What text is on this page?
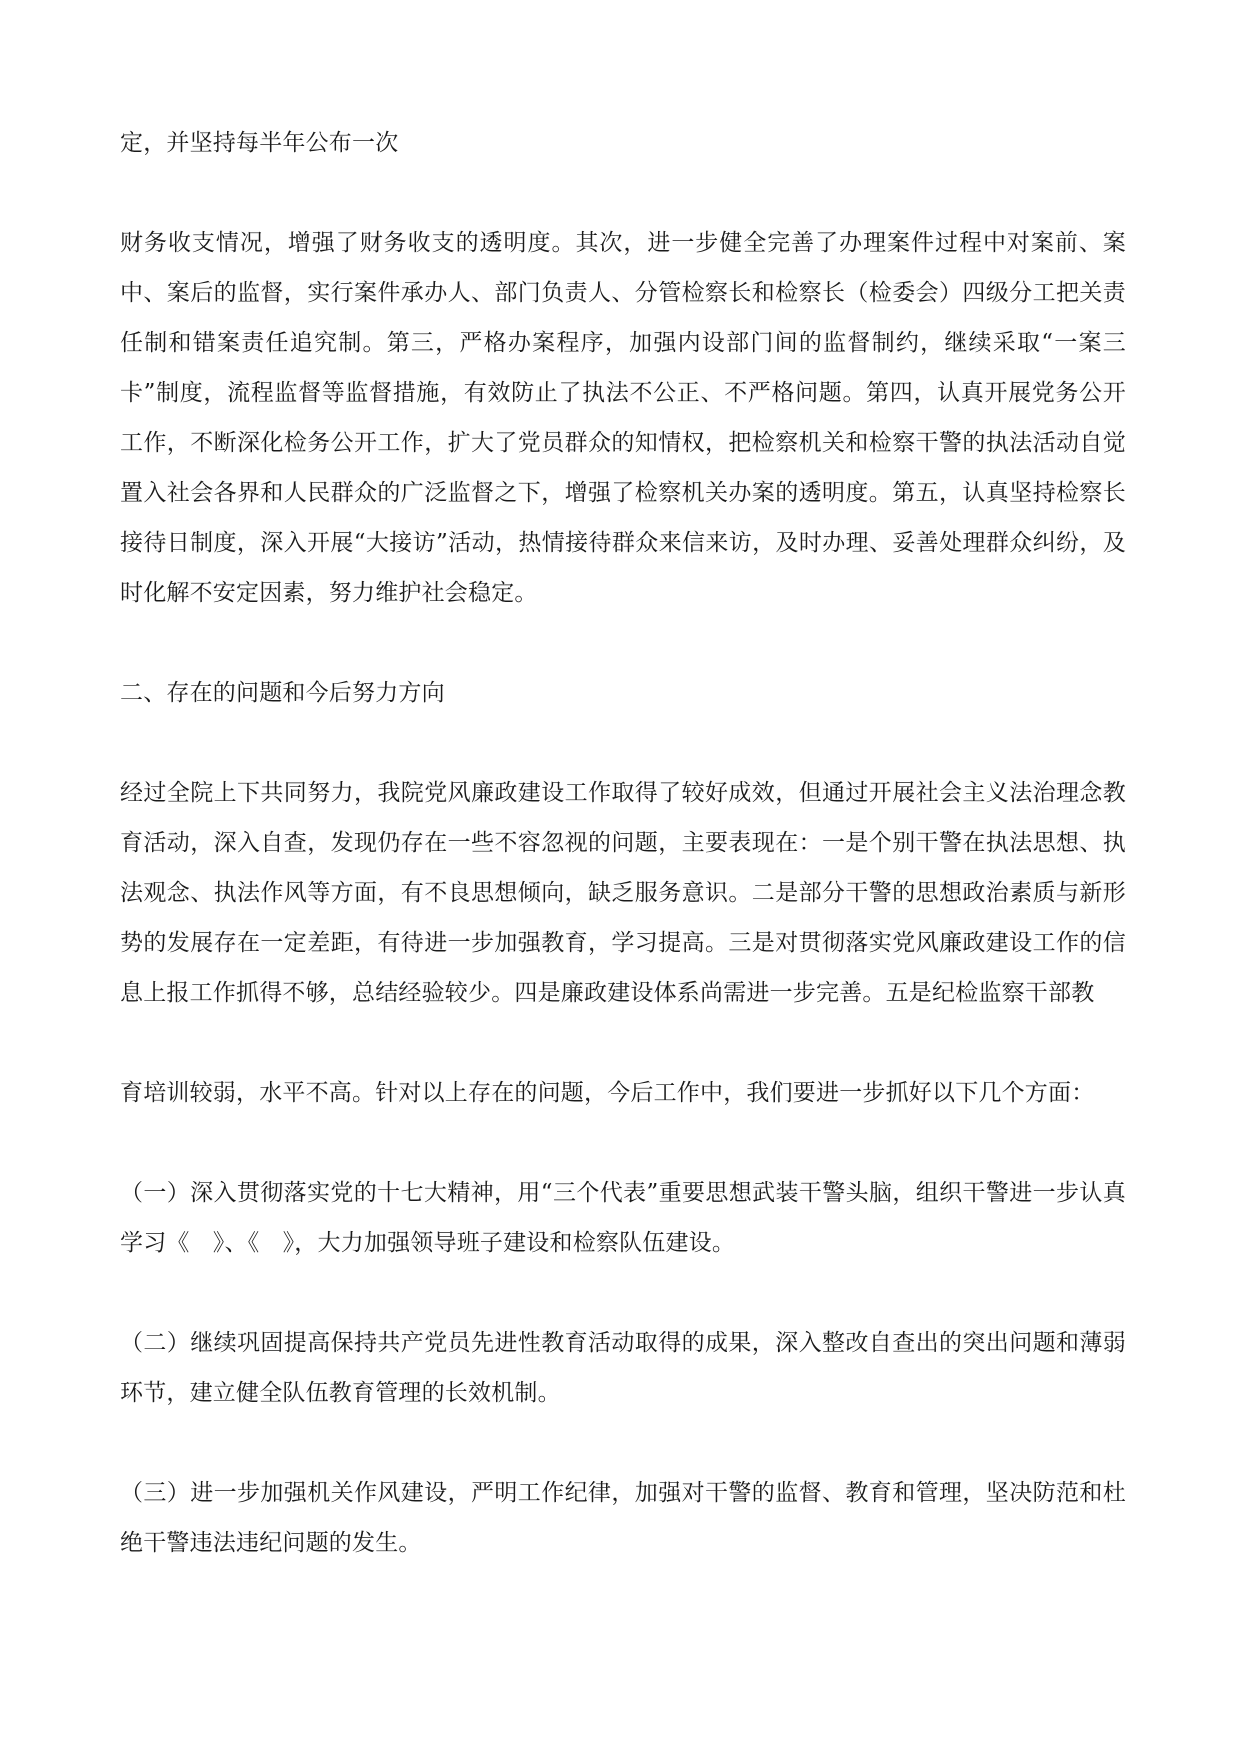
定，并坚持每半年公布一次

财务收支情况，增强了财务收支的透明度。其次，进一步健全完善了办理案件过程中对案前、案中、案后的监督，实行案件承办人、部门负责人、分管检察长和检察长（检委会）四级分工把关责任制和错案责任追究制。第三，严格办案程序，加强内设部门间的监督制约，继续采取“一案三卡”制度，流程监督等监督措施，有效防止了执法不公正、不严格问题。第四，认真开展党务公开工作，不断深化检务公开工作，扩大了党员群众的知情权，把检察机关和检察干警的执法活动自觉置入社会各界和人民群众的广泛监督之下，增强了检察机关办案的透明度。第五，认真坚持检察长接待日制度，深入开展“大接访”活动，热情接待群众来信来访，及时办理、妥善处理群众纠纷，及时化解不安定因素，努力维护社会稳定。

二、存在的问题和今后努力方向

经过全院上下共同努力，我院党风廉政建设工作取得了较好成效，但通过开展社会主义法治理念教育活动，深入自查，发现仍存在一些不容忽视的问题，主要表现在：一是个别干警在执法思想、执法观念、执法作风等方面，有不良思想倾向，缺乏服务意识。二是部分干警的思想政治素质与新形势的发展存在一定差距，有待进一步加强教育，学习提高。三是对贯彻落实党风廉政建设工作的信息上报工作抓得不够，总结经验较少。四是廉政建设体系尚需进一步完善。五是纪检监察干部教

育培训较弱，水平不高。针对以上存在的问题，今后工作中，我们要进一步抓好以下几个方面：

（一）深入贯彻落实党的十七大精神，用“三个代表”重要思想武装干警头脑，组织干警进一步认真学习《　》、《　》，大力加强领导班子建设和检察队伍建设。

（二）继续巩固提高保持共产党员先进性教育活动取得的成果，深入整改自查出的突出问题和薄弱环节，建立健全队伍教育管理的长效机制。

（三）进一步加强机关作风建设，严明工作纪律，加强对干警的监督、教育和管理，坚决防范和杜绝干警违法违纪问题的发生。
